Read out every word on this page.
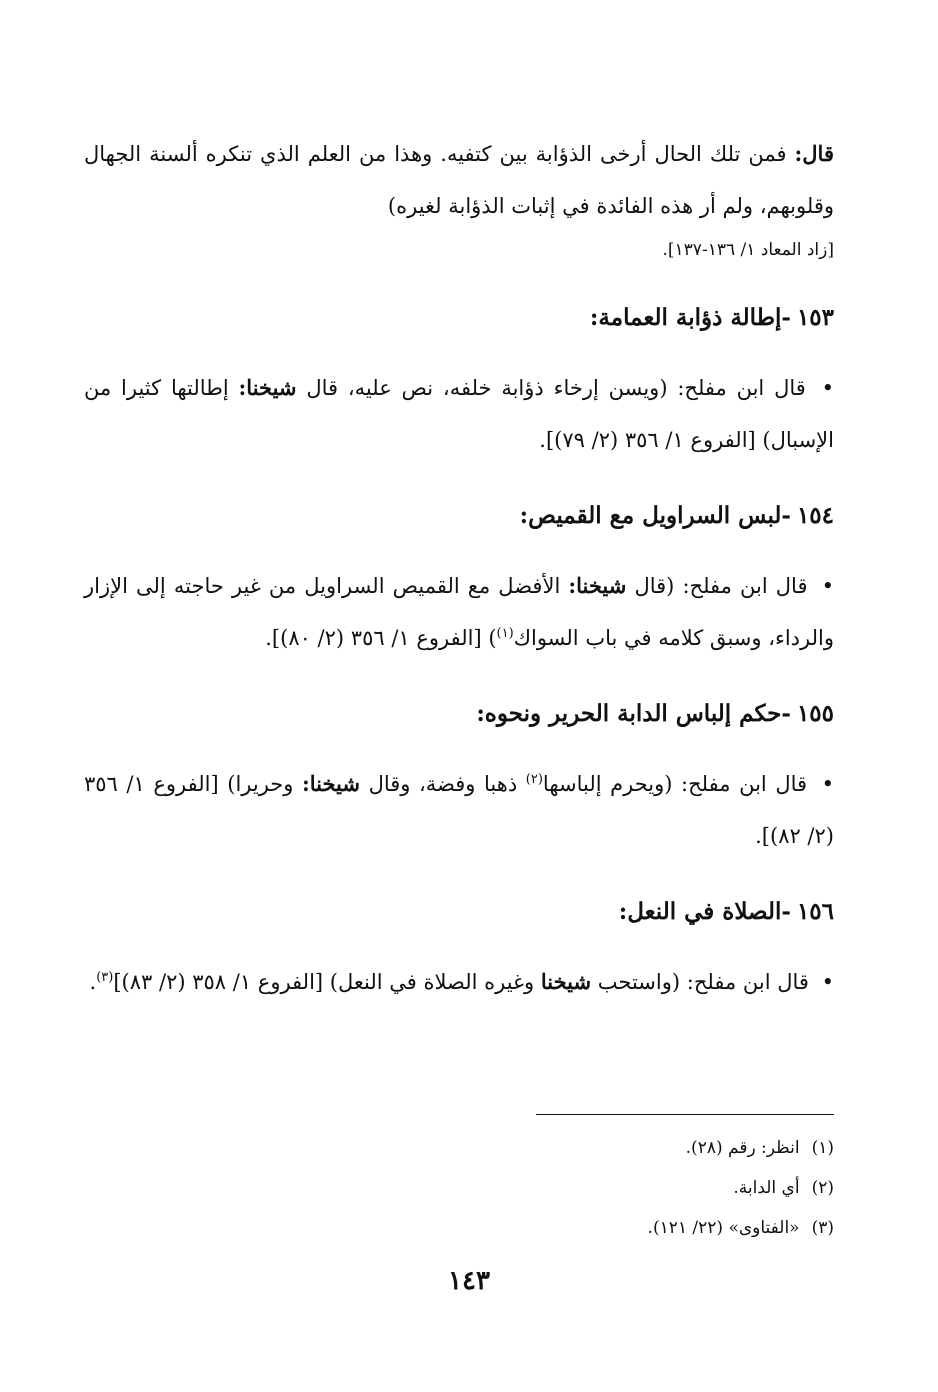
قال: فمن تلك الحال أرخى الذؤابة بين كتفيه. وهذا من العلم الذي تنكره ألسنة الجهال وقلوبهم، ولم أر هذه الفائدة في إثبات الذؤابة لغيره)

[زاد المعاد ١/ ١٣٦-١٣٧].

١٥٣-إطالة ذؤابة العمامة:

• قال ابن مفلح: (ويسن إرخاء ذؤابة خلفه، نص عليه، قال شيخنا: إطالتها كثيرا من الإسبال) [الفروع ١/ ٣٥٦ (٢/ ٧٩)].

١٥٤-لبس السراويل مع القميص:

• قال ابن مفلح: (قال شيخنا: الأفضل مع القميص السراويل من غير حاجته إلى الإزار والرداء، وسبق كلامه في باب السواك$^{(١)}$) [الفروع ١/ ٣٥٦ (٢/ ٨٠)].

١٥٥-حكم إلباس الدابة الحرير ونحوه:

• قال ابن مفلح: (ويحرم إلباسها$^{(٢)}$ ذهبا وفضة، وقال شيخنا: وحريرا) [الفروع ١/ ٣٥٦ (٢/ ٨٢)].

١٥٦-الصلاة في النعل:

• قال ابن مفلح: (واستحب شيخنا وغيره الصلاة في النعل) [الفروع ١/ ٣٥٨ (٢/ ٨٣)]$^{(٣)}$.

(١)انظر: رقم (٢٨).

(٢)أي الدابة.

(٣)«الفتاوى» (٢٢/ ١٢١).

١٤٣
